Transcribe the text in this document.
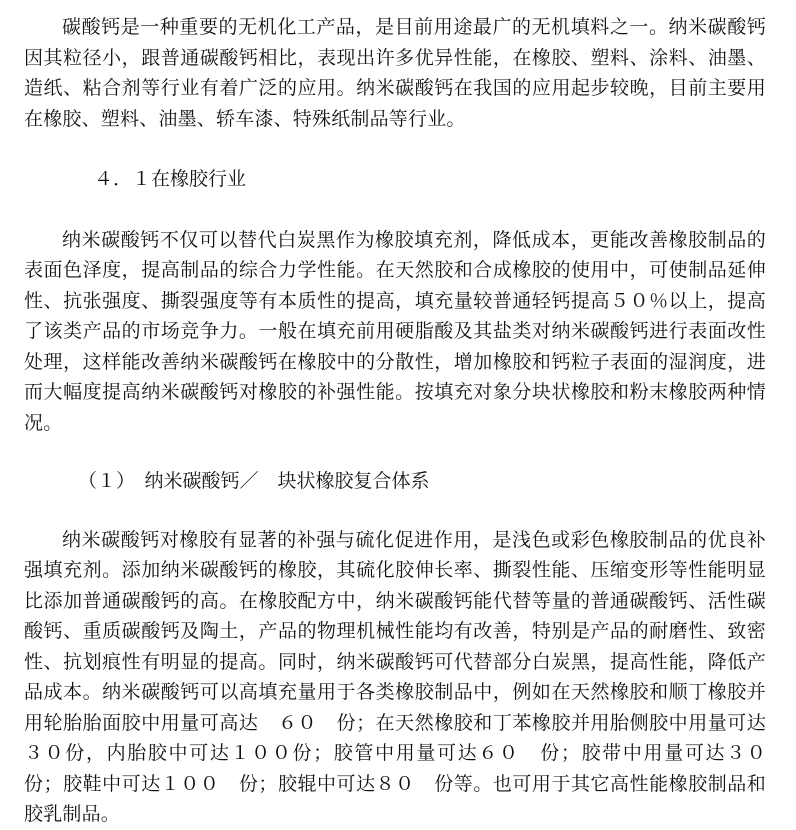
碳酸钙是一种重要的无机化工产品，是目前用途最广的无机填料之一。纳米碳酸钙因其粒径小，跟普通碳酸钙相比，表现出许多优异性能，在橡胶、塑料、涂料、油墨、造纸、粘合剂等行业有着广泛的应用。纳米碳酸钙在我国的应用起步较晚，目前主要用在橡胶、塑料、油墨、轿车漆、特殊纸制品等行业。

４．１在橡胶行业

纳米碳酸钙不仅可以替代白炭黑作为橡胶填充剂，降低成本，更能改善橡胶制品的表面色泽度，提高制品的综合力学性能。在天然胶和合成橡胶的使用中，可使制品延伸性、抗张强度、撕裂强度等有本质性的提高，填充量较普通轻钙提高５０％以上，提高了该类产品的市场竞争力。一般在填充前用硬脂酸及其盐类对纳米碳酸钙进行表面改性处理，这样能改善纳米碳酸钙在橡胶中的分散性，增加橡胶和钙粒子表面的湿润度，进而大幅度提高纳米碳酸钙对橡胶的补强性能。按填充对象分块状橡胶和粉末橡胶两种情况。

（１）　纳米碳酸钙／　块状橡胶复合体系

纳米碳酸钙对橡胶有显著的补强与硫化促进作用，是浅色或彩色橡胶制品的优良补强填充剂。添加纳米碳酸钙的橡胶，其硫化胶伸长率、撕裂性能、压缩变形等性能明显比添加普通碳酸钙的高。在橡胶配方中，纳米碳酸钙能代替等量的普通碳酸钙、活性碳酸钙、重质碳酸钙及陶土，产品的物理机械性能均有改善，特别是产品的耐磨性、致密性、抗划痕性有明显的提高。同时，纳米碳酸钙可代替部分白炭黑，提高性能，降低产品成本。纳米碳酸钙可以高填充量用于各类橡胶制品中，例如在天然橡胶和顺丁橡胶并用轮胎胎面胶中用量可高达　６０　份；在天然橡胶和丁苯橡胶并用胎侧胶中用量可达３０份，内胎胶中可达１００份；胶管中用量可达６０　份；胶带中用量可达３０　份；胶鞋中可达１００　份；胶辊中可达８０　份等。也可用于其它高性能橡胶制品和胶乳制品。
